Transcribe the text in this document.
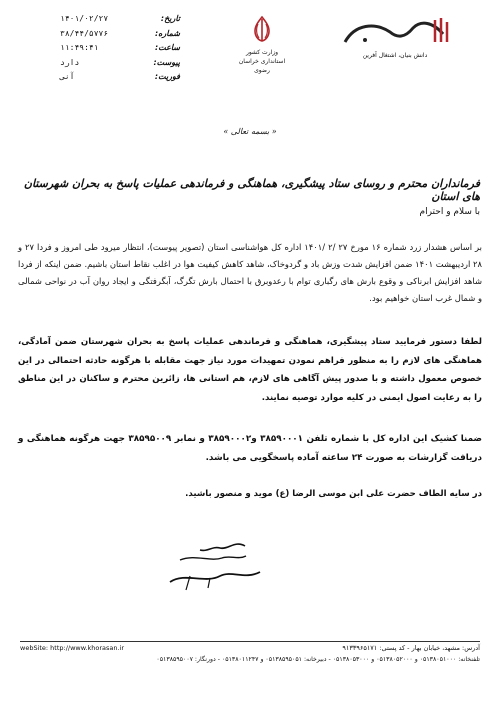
تاریخ:
۱۴۰۱/۰۲/۲۷
شماره:
۳۸/۴۴/۵۷۷۶
ساعت:
۱۱:۴۹:۴۱
پیوست:
دارد
فوریت:
آنی
وزارت کشور
استانداری خراسان رضوی
دانش بنیان، اشتغال آفرین
« بسمه تعالی »
فرمانداران محترم و روسای ستاد پیشگیری، هماهنگی و فرماندهی عملیات پاسخ به بحران شهرستان های استان
با سلام و احترام
بر اساس هشدار زرد شماره ۱۶ مورخ ۲۷ /۲ /۱۴۰۱ اداره کل هواشناسی استان (تصویر پیوست)، انتظار میرود طی امروز و فردا ۲۷ و ۲۸ اردیبهشت ۱۴۰۱ ضمن افزایش شدت وزش باد و گردوخاک، شاهد کاهش کیفیت هوا در اغلب نقاط استان باشیم. ضمن اینکه از فردا شاهد افزایش ابرناکی و وقوع بارش های رگباری توام با رعدوبرق با احتمال بارش تگرگ، آبگرفتگی و ایجاد روان آب در نواحی شمالی و شمال غرب استان خواهیم بود.
لطفا دستور فرمایید ستاد پیشگیری، هماهنگی و فرماندهی عملیات پاسخ به بحران شهرستان ضمن آمادگی، هماهنگی های لازم را به منظور فراهم نمودن تمهیدات مورد نیاز جهت مقابله با هرگونه حادثه احتمالی در این خصوص معمول داشته و با صدور پیش آگاهی های لازم، هم استانی ها، زائرین محترم و ساکنان در این مناطق را به رعایت اصول ایمنی در کلیه موارد توصیه نمایند.
ضمنا کشیک این اداره کل با شماره تلفن ۳۸۵۹۰۰۰۱ و۳۸۵۹۰۰۰۲ و نمابر ۳۸۵۹۵۰۰۹ جهت هرگونه هماهنگی و دریافت گزارشات به صورت ۲۴ ساعته آماده پاسخگویی می باشد.
در سایه الطاف حضرت علی ابن موسی الرضا (ع) موید و منصور باشید.
webSite: http://www.khorasan.ir	آدرس: مشهد، خیابان بهار - کد پستی: ۹۱۳۳۹۶۵۱۷۱
تلفنخانه: ۰۵۱۳۸۰۵۱۰۰۰ و ۰۵۱۳۸۰۵۲۰۰۰ و ۰۵۱۳۸۰۵۳۰۰۰ - دبیرخانه: ۰۵۱۳۸۵۹۵۰۵۱ و ۰۵۱۳۸۰۱۱۲۴۷ - دورنگار: ۰۵۱۳۸۵۹۵۰۰۷
